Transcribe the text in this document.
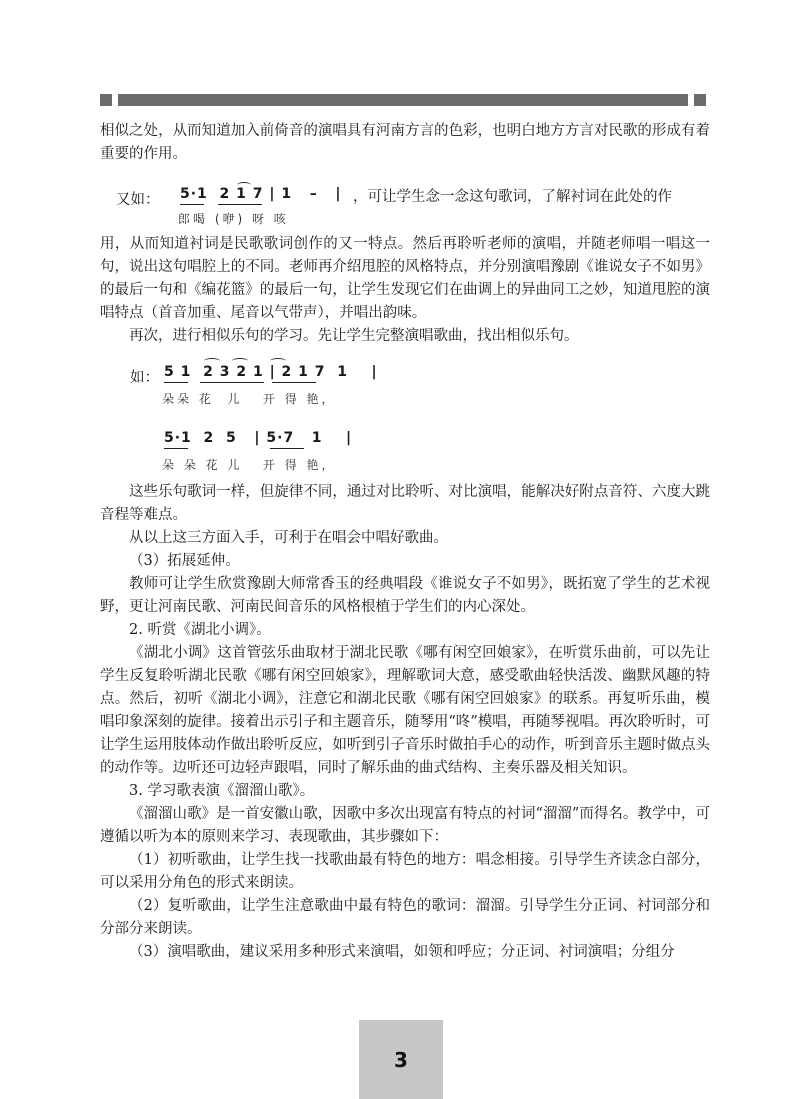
相似之处，从而知道加入前倚音的演唱具有河南方言的色彩，也明白地方方言对民歌的形成有着重要的作用。

又如： 5·1  2 1 7 | 1   –   |
郎喝 (咿) 呀 咳
，可让学生念一念这句歌词，了解衬词在此处的作

用，从而知道衬词是民歌歌词创作的又一特点。然后再聆听老师的演唱，并随老师唱一唱这一句，说出这句唱腔上的不同。老师再介绍甩腔的风格特点，并分别演唱豫剧《谁说女子不如男》的最后一句和《编花篮》的最后一句，让学生发现它们在曲调上的异曲同工之妙，知道甩腔的演唱特点（首音加重、尾音以气带声），并唱出韵味。

再次，进行相似乐句的学习。先让学生完整演唱歌曲，找出相似乐句。

如： 5 1  2 3 2 1 | 2 1 7  1    |
朵朵 花  儿   开 得 艳，
5·1  2  5   | 5·7   1    |
朵 朵 花 儿   开 得 艳，

这些乐句歌词一样，但旋律不同，通过对比聆听、对比演唱，能解决好附点音符、六度大跳音程等难点。

从以上这三方面入手，可利于在唱会中唱好歌曲。

（3）拓展延伸。

教师可让学生欣赏豫剧大师常香玉的经典唱段《谁说女子不如男》，既拓宽了学生的艺术视野，更让河南民歌、河南民间音乐的风格根植于学生们的内心深处。

2. 听赏《湖北小调》。

《湖北小调》这首管弦乐曲取材于湖北民歌《哪有闲空回娘家》，在听赏乐曲前，可以先让学生反复聆听湖北民歌《哪有闲空回娘家》，理解歌词大意，感受歌曲轻快活泼、幽默风趣的特点。然后，初听《湖北小调》，注意它和湖北民歌《哪有闲空回娘家》的联系。再复听乐曲，模唱印象深刻的旋律。接着出示引子和主题音乐，随琴用“咚”模唱，再随琴视唱。再次聆听时，可让学生运用肢体动作做出聆听反应，如听到引子音乐时做拍手心的动作，听到音乐主题时做点头的动作等。边听还可边轻声跟唱，同时了解乐曲的曲式结构、主奏乐器及相关知识。

3. 学习歌表演《溜溜山歌》。

《溜溜山歌》是一首安徽山歌，因歌中多次出现富有特点的衬词“溜溜”而得名。教学中，可遵循以听为本的原则来学习、表现歌曲，其步骤如下：

（1）初听歌曲，让学生找一找歌曲最有特色的地方：唱念相接。引导学生齐读念白部分，可以采用分角色的形式来朗读。

（2）复听歌曲，让学生注意歌曲中最有特色的歌词：溜溜。引导学生分正词、衬词部分和分部分来朗读。

（3）演唱歌曲，建议采用多种形式来演唱，如领和呼应；分正词、衬词演唱；分组分

3
